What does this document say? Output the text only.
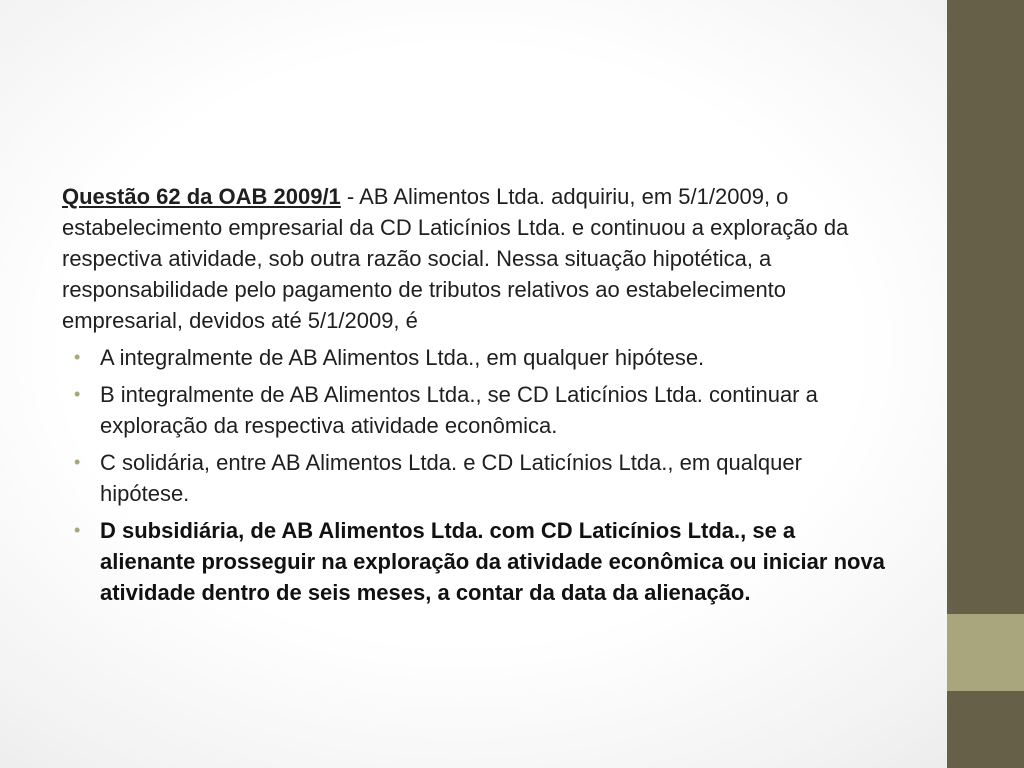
Questão 62 da OAB 2009/1 - AB Alimentos Ltda. adquiriu, em 5/1/2009, o estabelecimento empresarial da CD Laticínios Ltda. e continuou a exploração da respectiva atividade, sob outra razão social. Nessa situação hipotética, a responsabilidade pelo pagamento de tributos relativos ao estabelecimento empresarial, devidos até 5/1/2009, é

• A integralmente de AB Alimentos Ltda., em qualquer hipótese.
• B integralmente de AB Alimentos Ltda., se CD Laticínios Ltda. continuar a exploração da respectiva atividade econômica.
• C solidária, entre AB Alimentos Ltda. e CD Laticínios Ltda., em qualquer hipótese.
• D subsidiária, de AB Alimentos Ltda. com CD Laticínios Ltda., se a alienante prosseguir na exploração da atividade econômica ou iniciar nova atividade dentro de seis meses, a contar da data da alienação.
